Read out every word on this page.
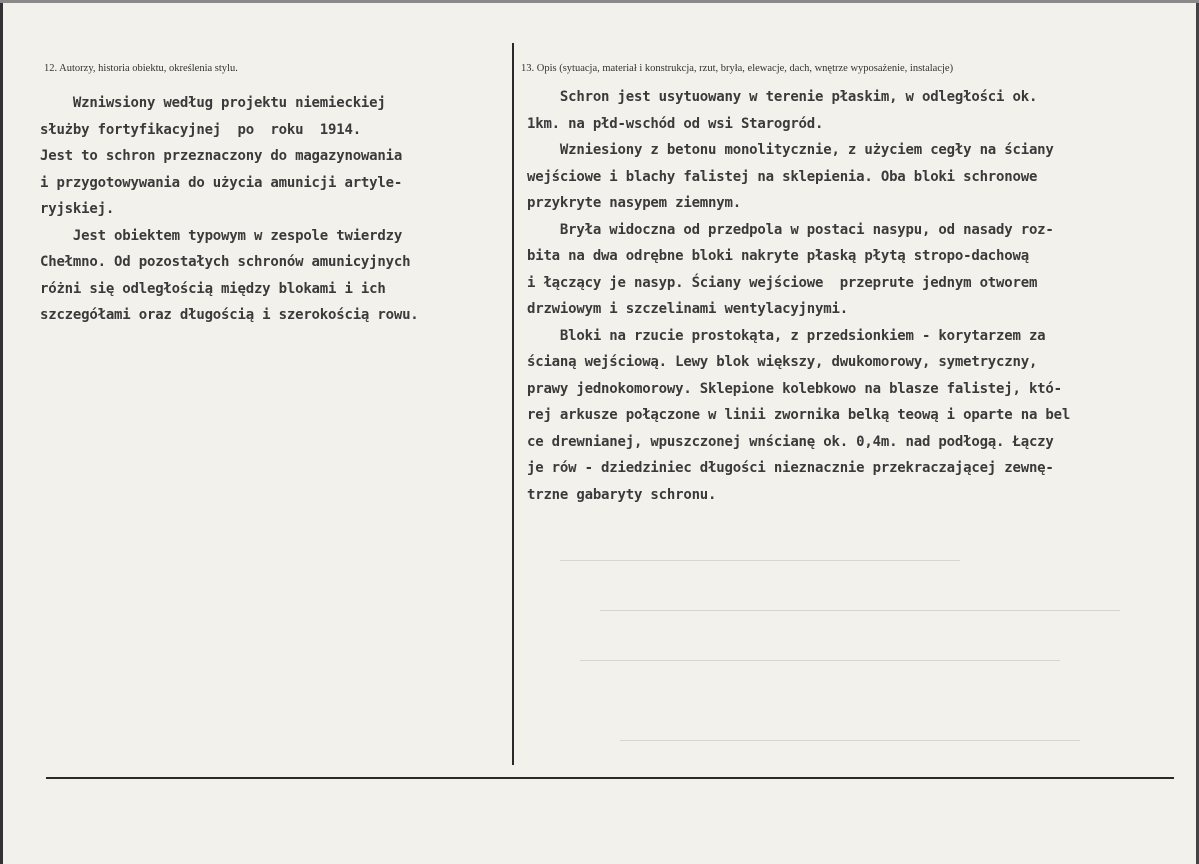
12. Autorzy, historia obiektu, określenia stylu.	13. Opis (sytuacja, materiał i konstrukcja, rzut, bryła, elewacje, dach, wnętrze wyposażenie, instalacje)
Wzniwsiony według projektu niemieckiej
służby fortyfikacyjnej  po  roku  1914.
Jest to schron przeznaczony do magazynowania
i przygotowywania do użycia amunicji artyle-
ryjskiej.
Jest obiektem typowym w zespole twierdzy
Chełmno. Od pozostałych schronów amunicyjnych
różni się odległością między blokami i ich
szczegółami oraz długością i szerokością rowu.
Schron jest usytuowany w terenie płaskim, w odległości ok.
1km. na płd-wschód od wsi Starogród.
Wzniesiony z betonu monolitycznie, z użyciem cegły na ściany
wejściowe i blachy falistej na sklepienia. Oba bloki schronowe
przykryte nasypem ziemnym.
Bryła widoczna od przedpola w postaci nasypu, od nasady roz-
bita na dwa odrębne bloki nakryte płaską płytą stropo-dachową
i łączący je nasyp. Ściany wejściowe  przeprute jednym otworem
drzwiowym i szczelinami wentylacyjnymi.
Bloki na rzucie prostokąta, z przedsionkiem - korytarzem za
ścianą wejściową. Lewy blok większy, dwukomorowy, symetryczny,
prawy jednokomorowy. Sklepione kolebkowo na blasze falistej, któ-
rej arkusze połączone w linii zwornika belką teową i oparte na bel
ce drewnianej, wpuszczonej wnścianę ok. 0,4m. nad podłogą. Łączy
je rów - dziedziniec długości nieznacznie przekraczającej zewnę-
trzne gabaryty schronu.
